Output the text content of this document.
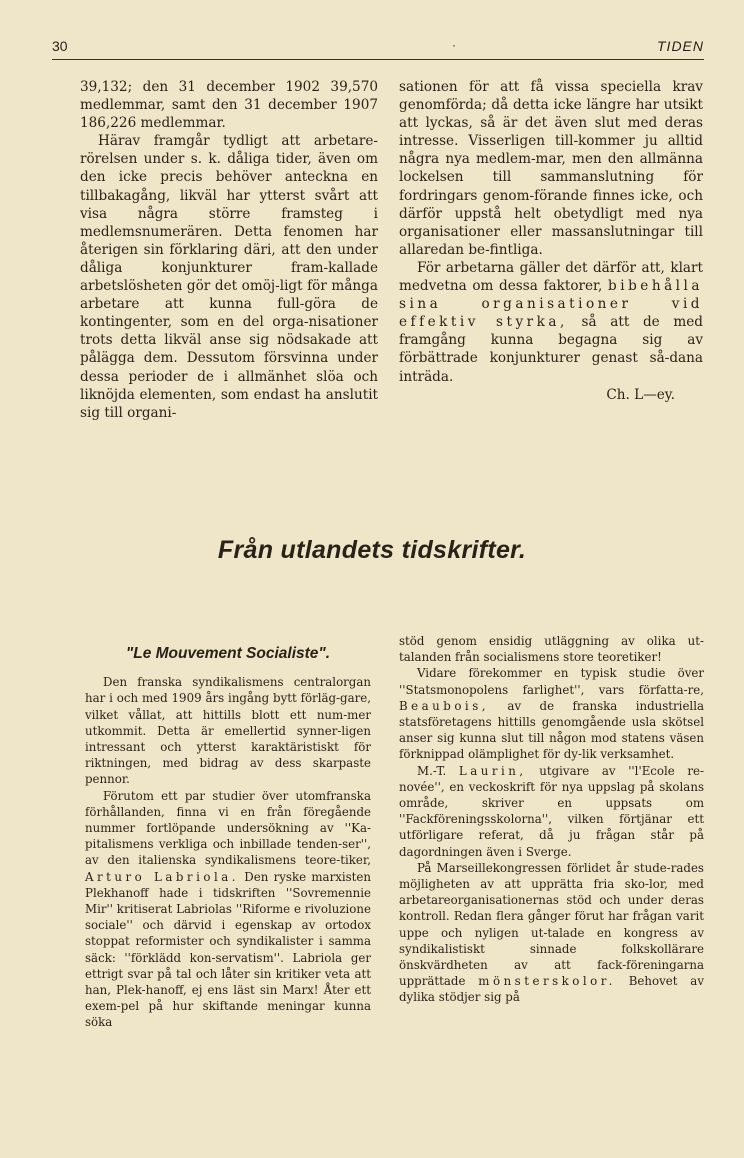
30	·	TIDEN

39,132; den 31 december 1902 39,570 medlemmar, samt den 31 december 1907 186,226 medlemmar.

Härav framgår tydligt att arbetare-rörelsen under s. k. dåliga tider, även om den icke precis behöver anteckna en tillbakagång, likväl har ytterst svårt att visa några större framsteg i medlemsnumerären. Detta fenomen har återigen sin förklaring däri, att den under dåliga konjunkturer fram-kallade arbetslösheten gör det omöj-ligt för många arbetare att kunna full-göra de kontingenter, som en del orga-nisationer trots detta likväl anse sig nödsakade att pålägga dem. Dessutom försvinna under dessa perioder de i allmänhet slöa och liknöjda elementen, som endast ha anslutit sig till organi-

sationen för att få vissa speciella krav genomförda; då detta icke längre har utsikt att lyckas, så är det även slut med deras intresse. Visserligen till-kommer ju alltid några nya medlem-mar, men den allmänna lockelsen till sammanslutning för fordringars genom-förande finnes icke, och därför uppstå helt obetydligt med nya organisationer eller massanslutningar till allaredan be-fintliga.

För arbetarna gäller det därför att, klart medvetna om dessa faktorer, bibehålla sina organisationer vid effektiv styrka, så att de med framgång kunna begagna sig av förbättrade konjunkturer genast så-dana inträda.

Ch. L—ey.

Från utlandets tidskrifter.

"Le Mouvement Socialiste".

Den franska syndikalismens centralorgan har i och med 1909 års ingång bytt förläg-gare, vilket vållat, att hittills blott ett num-mer utkommit. Detta är emellertid synner-ligen intressant och ytterst karaktäristiskt för riktningen, med bidrag av dess skarpaste pennor.

Förutom ett par studier över utomfranska förhållanden, finna vi en från föregående nummer fortlöpande undersökning av ''Ka-pitalismens verkliga och inbillade tenden-ser'', av den italienska syndikalismens teore-tiker, Arturo Labriola. Den ryske marxisten Plekhanoff hade i tidskriften ''Sovremennie Mir'' kritiserat Labriolas ''Riforme e rivoluzione sociale'' och därvid i egenskap av ortodox stoppat reformister och syndikalister i samma säck: ''förklädd kon-servatism''. Labriola ger ettrigt svar på tal och låter sin kritiker veta att han, Plek-hanoff, ej ens läst sin Marx! Åter ett exem-pel på hur skiftande meningar kunna söka

stöd genom ensidig utläggning av olika ut-talanden från socialismens store teoretiker!

Vidare förekommer en typisk studie över ''Statsmonopolens farlighet'', vars författa-re, Beaubois, av de franska industriella statsföretagens hittills genomgående usla skötsel anser sig kunna slut till någon mod statens väsen förknippad olämplighet för dy-lik verksamhet.

M.-T. Laurin, utgivare av ''l'Ecole re-novée'', en veckoskrift för nya uppslag på skolans område, skriver en uppsats om ''Fackföreningsskolorna'', vilken förtjänar ett utförligare referat, då ju frågan står på dagordningen även i Sverge.

På Marseillekongressen förlidet år stude-rades möjligheten av att upprätta fria sko-lor, med arbetareorganisationernas stöd och under deras kontroll. Redan flera gånger förut har frågan varit uppe och nyligen ut-talade en kongress av syndikalistiskt sinnade folkskollärare önskvärdheten av att fack-föreningarna upprättade mönsterskolor. Behovet av dylika stödjer sig på
